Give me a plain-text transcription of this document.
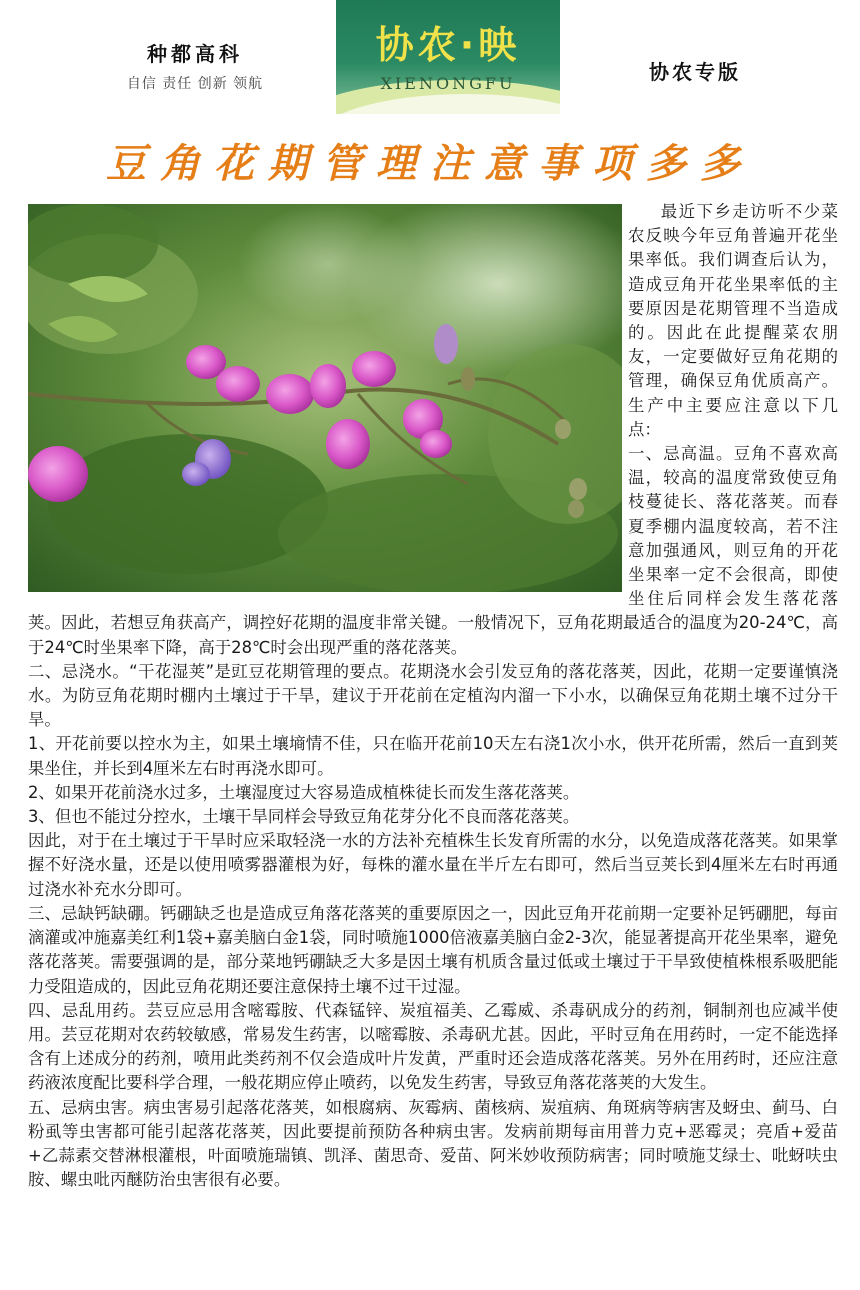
种都高科
自信 责任 创新 领航
协农·映
XIENONGFU	协农专版
豆角花期管理注意事项多多

最近下乡走访听不少菜农反映今年豆角普遍开花坐果率低。我们调查后认为，造成豆角开花坐果率低的主要原因是花期管理不当造成的。因此在此提醒菜农朋友，一定要做好豆角花期的管理，确保豆角优质高产。生产中主要应注意以下几点：

一、忌高温。豆角不喜欢高温，较高的温度常致使豆角枝蔓徒长、落花落荚。而春夏季棚内温度较高，若不注意加强通风，则豆角的开花坐果率一定不会很高，即使坐住后同样会发生落花落荚。因此，若想豆角获高产，调控好花期的温度非常关键。一般情况下，豆角花期最适合的温度为20-24℃，高于24℃时坐果率下降，高于28℃时会出现严重的落花落荚。

二、忌浇水。“干花湿荚”是豇豆花期管理的要点。花期浇水会引发豆角的落花落荚，因此，花期一定要谨慎浇水。为防豆角花期时棚内土壤过于干旱，建议于开花前在定植沟内溜一下小水，以确保豆角花期土壤不过分干旱。

1、开花前要以控水为主，如果土壤墒情不佳，只在临开花前10天左右浇1次小水，供开花所需，然后一直到荚果坐住，并长到4厘米左右时再浇水即可。

2、如果开花前浇水过多，土壤湿度过大容易造成植株徒长而发生落花落荚。

3、但也不能过分控水，土壤干旱同样会导致豆角花芽分化不良而落花落荚。

因此，对于在土壤过于干旱时应采取轻浇一水的方法补充植株生长发育所需的水分，以免造成落花落荚。如果掌握不好浇水量，还是以使用喷雾器灌根为好，每株的灌水量在半斤左右即可，然后当豆荚长到4厘米左右时再通过浇水补充水分即可。

三、忌缺钙缺硼。钙硼缺乏也是造成豆角落花落荚的重要原因之一，因此豆角开花前期一定要补足钙硼肥，每亩滴灌或冲施嘉美红利1袋+嘉美脑白金1袋，同时喷施1000倍液嘉美脑白金2-3次，能显著提高开花坐果率，避免落花落荚。需要强调的是，部分菜地钙硼缺乏大多是因土壤有机质含量过低或土壤过于干旱致使植株根系吸肥能力受阻造成的，因此豆角花期还要注意保持土壤不过干过湿。

四、忌乱用药。芸豆应忌用含嘧霉胺、代森锰锌、炭疽福美、乙霉威、杀毒矾成分的药剂，铜制剂也应减半使用。芸豆花期对农药较敏感，常易发生药害，以嘧霉胺、杀毒矾尤甚。因此，平时豆角在用药时，一定不能选择含有上述成分的药剂，喷用此类药剂不仅会造成叶片发黄，严重时还会造成落花落荚。另外在用药时，还应注意药液浓度配比要科学合理，一般花期应停止喷药，以免发生药害，导致豆角落花落荚的大发生。

五、忌病虫害。病虫害易引起落花落荚，如根腐病、灰霉病、菌核病、炭疽病、角斑病等病害及蚜虫、蓟马、白粉虱等虫害都可能引起落花落荚，因此要提前预防各种病虫害。发病前期每亩用普力克+恶霉灵；亮盾+爱苗+乙蒜素交替淋根灌根，叶面喷施瑞镇、凯泽、菌思奇、爱苗、阿米妙收预防病害；同时喷施艾绿士、吡蚜呋虫胺、螺虫吡丙醚防治虫害很有必要。
